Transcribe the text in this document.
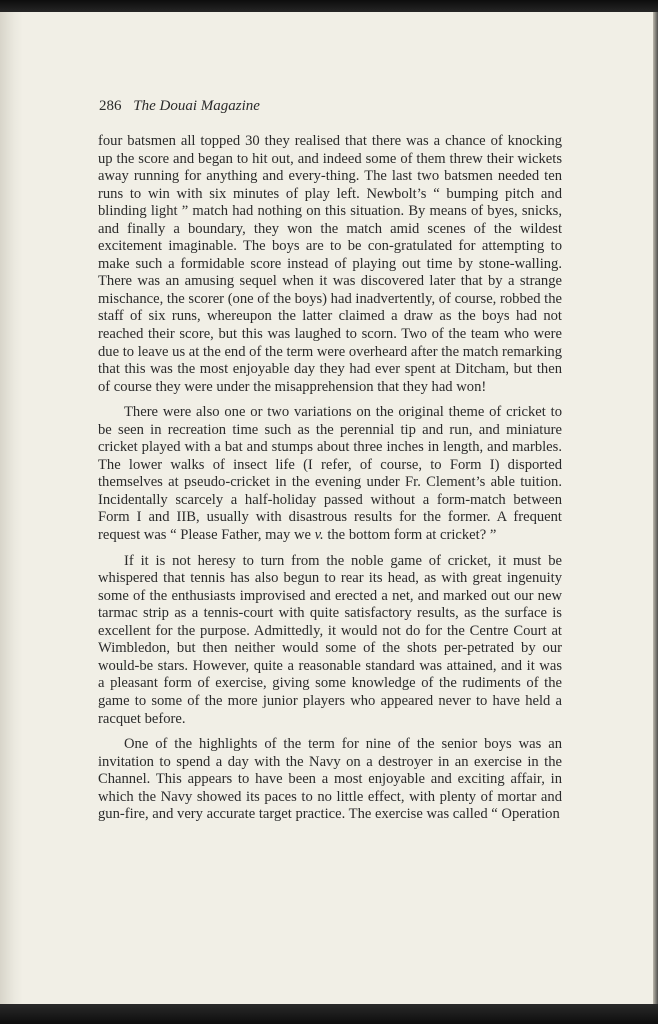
286 The Douai Magazine

four batsmen all topped 30 they realised that there was a chance of knocking up the score and began to hit out, and indeed some of them threw their wickets away running for anything and every-thing. The last two batsmen needed ten runs to win with six minutes of play left. Newbolt’s “ bumping pitch and blinding light ” match had nothing on this situation. By means of byes, snicks, and finally a boundary, they won the match amid scenes of the wildest excitement imaginable. The boys are to be con-gratulated for attempting to make such a formidable score instead of playing out time by stone-walling. There was an amusing sequel when it was discovered later that by a strange mischance, the scorer (one of the boys) had inadvertently, of course, robbed the staff of six runs, whereupon the latter claimed a draw as the boys had not reached their score, but this was laughed to scorn. Two of the team who were due to leave us at the end of the term were overheard after the match remarking that this was the most enjoyable day they had ever spent at Ditcham, but then of course they were under the misapprehension that they had won!

There were also one or two variations on the original theme of cricket to be seen in recreation time such as the perennial tip and run, and miniature cricket played with a bat and stumps about three inches in length, and marbles. The lower walks of insect life (I refer, of course, to Form I) disported themselves at pseudo-cricket in the evening under Fr. Clement’s able tuition. Incidentally scarcely a half-holiday passed without a form-match between Form I and IIB, usually with disastrous results for the former. A frequent request was “ Please Father, may we v. the bottom form at cricket? ”

If it is not heresy to turn from the noble game of cricket, it must be whispered that tennis has also begun to rear its head, as with great ingenuity some of the enthusiasts improvised and erected a net, and marked out our new tarmac strip as a tennis-court with quite satisfactory results, as the surface is excellent for the purpose. Admittedly, it would not do for the Centre Court at Wimbledon, but then neither would some of the shots per-petrated by our would-be stars. However, quite a reasonable standard was attained, and it was a pleasant form of exercise, giving some knowledge of the rudiments of the game to some of the more junior players who appeared never to have held a racquet before.

One of the highlights of the term for nine of the senior boys was an invitation to spend a day with the Navy on a destroyer in an exercise in the Channel. This appears to have been a most enjoyable and exciting affair, in which the Navy showed its paces to no little effect, with plenty of mortar and gun-fire, and very accurate target practice. The exercise was called “ Operation
